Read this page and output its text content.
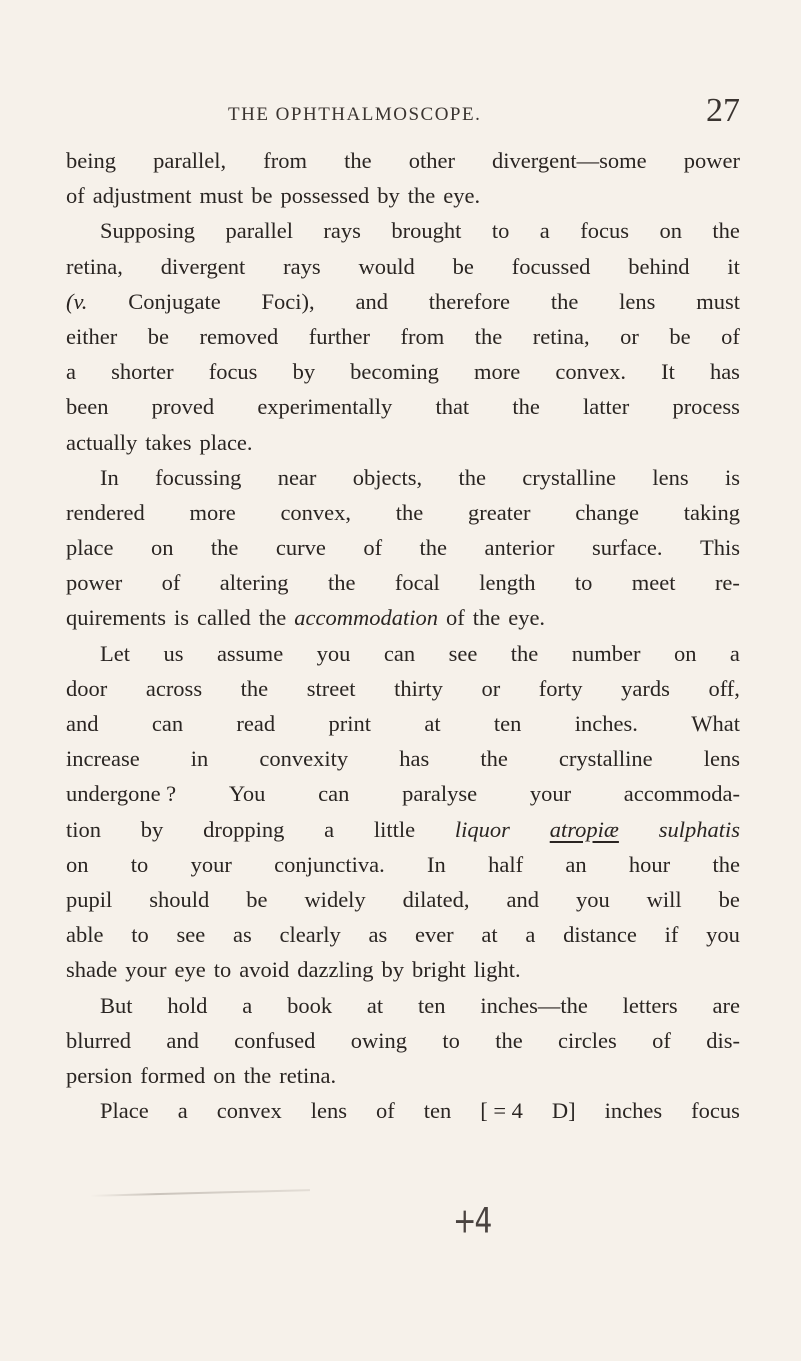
THE OPHTHALMOSCOPE.	27
being parallel, from the other divergent—some power
of adjustment must be possessed by the eye.
Supposing parallel rays brought to a focus on the
retina, divergent rays would be focussed behind it
(v. Conjugate Foci), and therefore the lens must
either be removed further from the retina, or be of
a shorter focus by becoming more convex. It has
been proved experimentally that the latter process
actually takes place.
In focussing near objects, the crystalline lens is
rendered more convex, the greater change taking
place on the curve of the anterior surface. This
power of altering the focal length to meet re-
quirements is called the accommodation of the eye.
Let us assume you can see the number on a
door across the street thirty or forty yards off,
and can read print at ten inches. What
increase in convexity has the crystalline lens
undergone ? You can paralyse your accommoda-
tion by dropping a little liquor atropiæ sulphatis
on to your conjunctiva. In half an hour the
pupil should be widely dilated, and you will be
able to see as clearly as ever at a distance if you
shade your eye to avoid dazzling by bright light.
But hold a book at ten inches—the letters are
blurred and confused owing to the circles of dis-
persion formed on the retina.
Place a convex lens of ten [ = 4 D] inches focus
+4
